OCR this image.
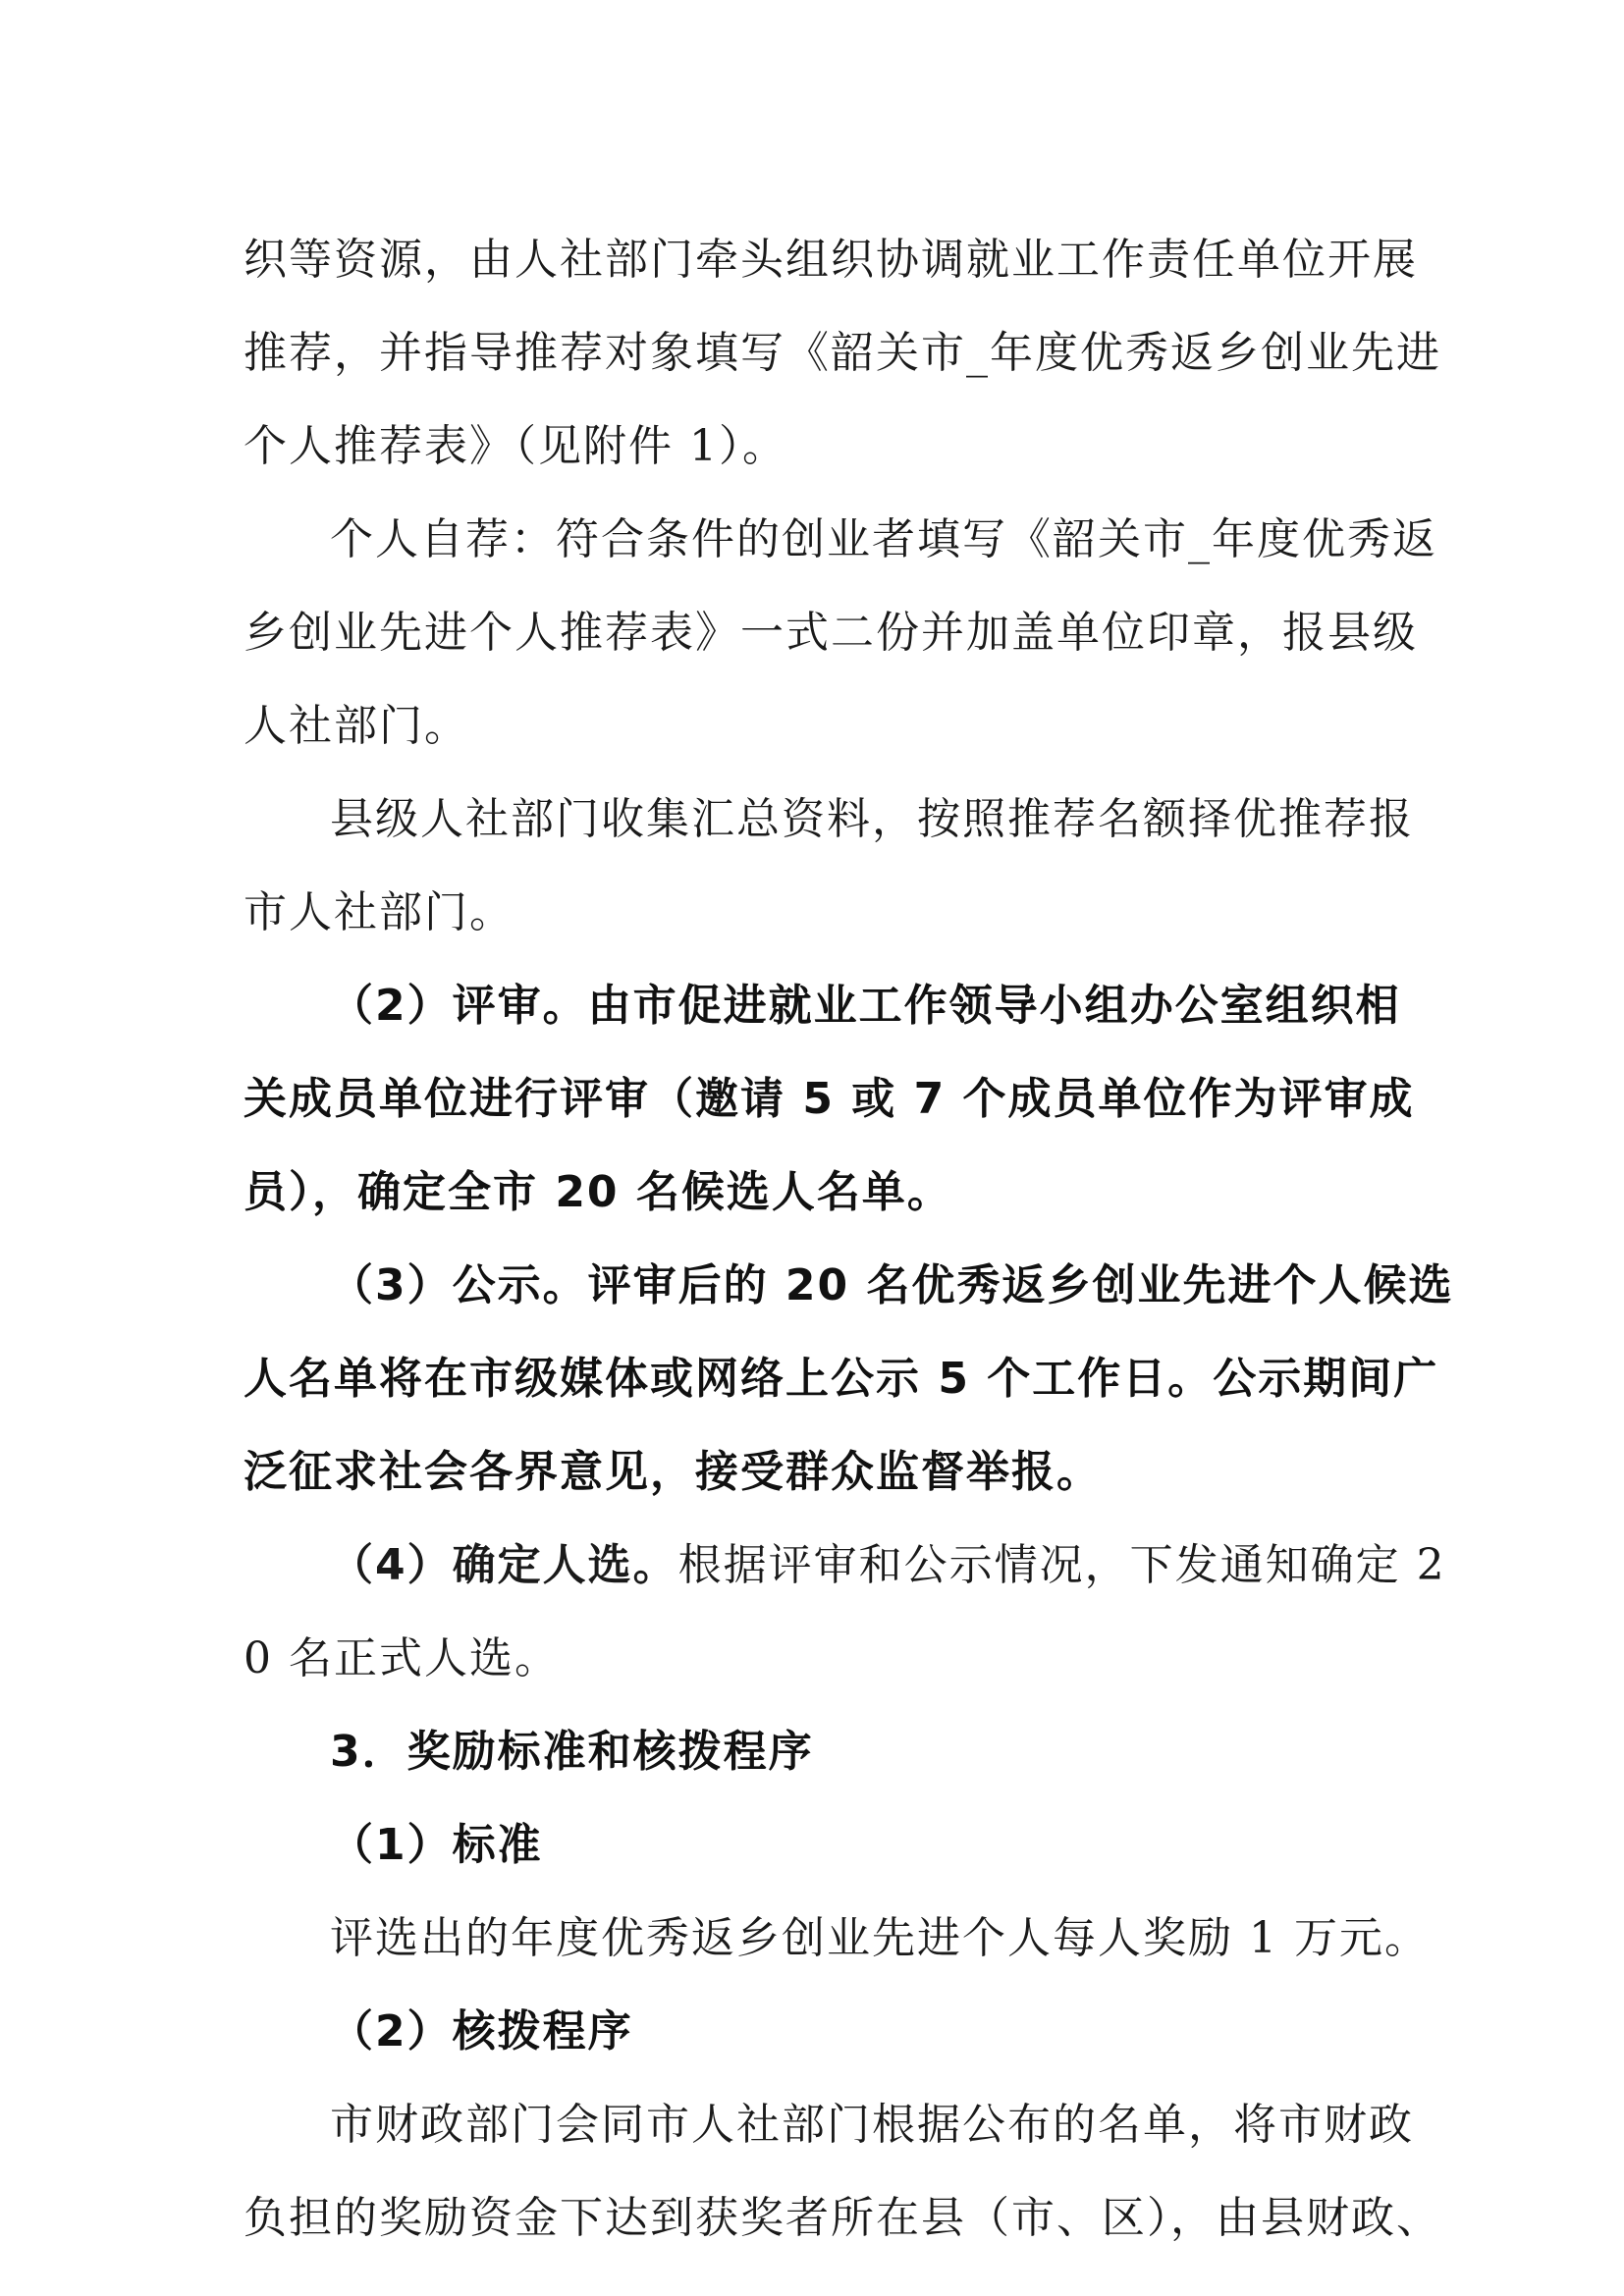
织等资源，由人社部门牵头组织协调就业工作责任单位开展
推荐，并指导推荐对象填写《韶关市_年度优秀返乡创业先进
个人推荐表》（见附件 1）。
个人自荐：符合条件的创业者填写《韶关市_年度优秀返
乡创业先进个人推荐表》一式二份并加盖单位印章，报县级
人社部门。
县级人社部门收集汇总资料，按照推荐名额择优推荐报
市人社部门。
（2）评审。由市促进就业工作领导小组办公室组织相
关成员单位进行评审（邀请 5 或 7 个成员单位作为评审成
员），确定全市 20 名候选人名单。
（3）公示。评审后的 20 名优秀返乡创业先进个人候选
人名单将在市级媒体或网络上公示 5 个工作日。公示期间广
泛征求社会各界意见，接受群众监督举报。
（4）确定人选。根据评审和公示情况，下发通知确定 2
0 名正式人选。
3．奖励标准和核拨程序
（1）标准
评选出的年度优秀返乡创业先进个人每人奖励 1 万元。
（2）核拨程序
市财政部门会同市人社部门根据公布的名单，将市财政
负担的奖励资金下达到获奖者所在县（市、区），由县财政、
